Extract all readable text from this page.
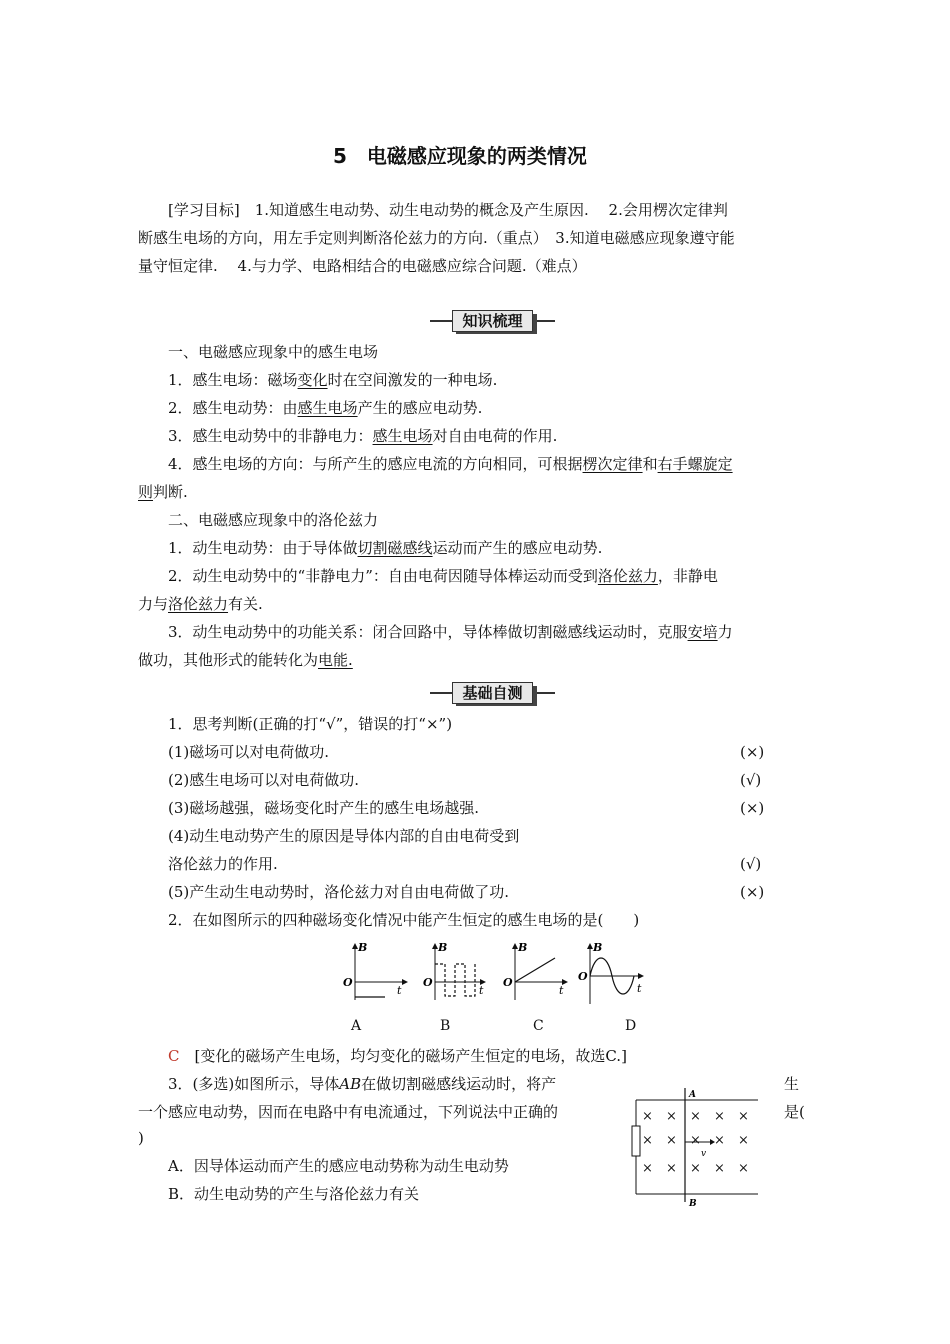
5　电磁感应现象的两类情况
[学习目标]　1.知道感生电动势、动生电动势的概念及产生原因.　 2.会用楞次定律判
断感生电场的方向，用左手定则判断洛伦兹力的方向.（重点）　3.知道电磁感应现象遵守能
量守恒定律.　 4.与力学、电路相结合的电磁感应综合问题.（难点）
知识梳理
一、电磁感应现象中的感生电场
1．感生电场：磁场变化时在空间激发的一种电场.
2．感生电动势：由感生电场产生的感应电动势.
3．感生电动势中的非静电力：感生电场对自由电荷的作用.
4．感生电场的方向：与所产生的感应电流的方向相同，可根据楞次定律和右手螺旋定
则判断.
二、电磁感应现象中的洛伦兹力
1．动生电动势：由于导体做切割磁感线运动而产生的感应电动势.
2．动生电动势中的“非静电力”：自由电荷因随导体棒运动而受到洛伦兹力，非静电
力与洛伦兹力有关.
3．动生电动势中的功能关系：闭合回路中，导体棒做切割磁感线运动时，克服安培力
做功，其他形式的能转化为电能.
基础自测
1．思考判断(正确的打“√”，错误的打“×”)
(1)磁场可以对电荷做功.	(×)
(2)感生电场可以对电荷做功.	(√)
(3)磁场越强，磁场变化时产生的感生电场越强.	(×)
(4)动生电动势产生的原因是导体内部的自由电荷受到
洛伦兹力的作用.	(√)
(5)产生动生电动势时，洛伦兹力对自由电荷做了功.	(×)
2．在如图所示的四种磁场变化情况中能产生恒定的感生电场的是(　　)
B
O
t
B
O
t
B
O
t
B
O
t
A	B	C	D
C　 [变化的磁场产生电场，均匀变化的磁场产生恒定的电场，故选C.]
3．(多选)如图所示，导体AB在做切割磁感线运动时，将产	生
一个感应电动势，因而在电路中有电流通过，下列说法中正确的	是(
)
A．因导体运动而产生的感应电动势称为动生电动势
B．动生电动势的产生与洛伦兹力有关
A
B
v
× × × × ×
× × × × ×
× × × × ×
